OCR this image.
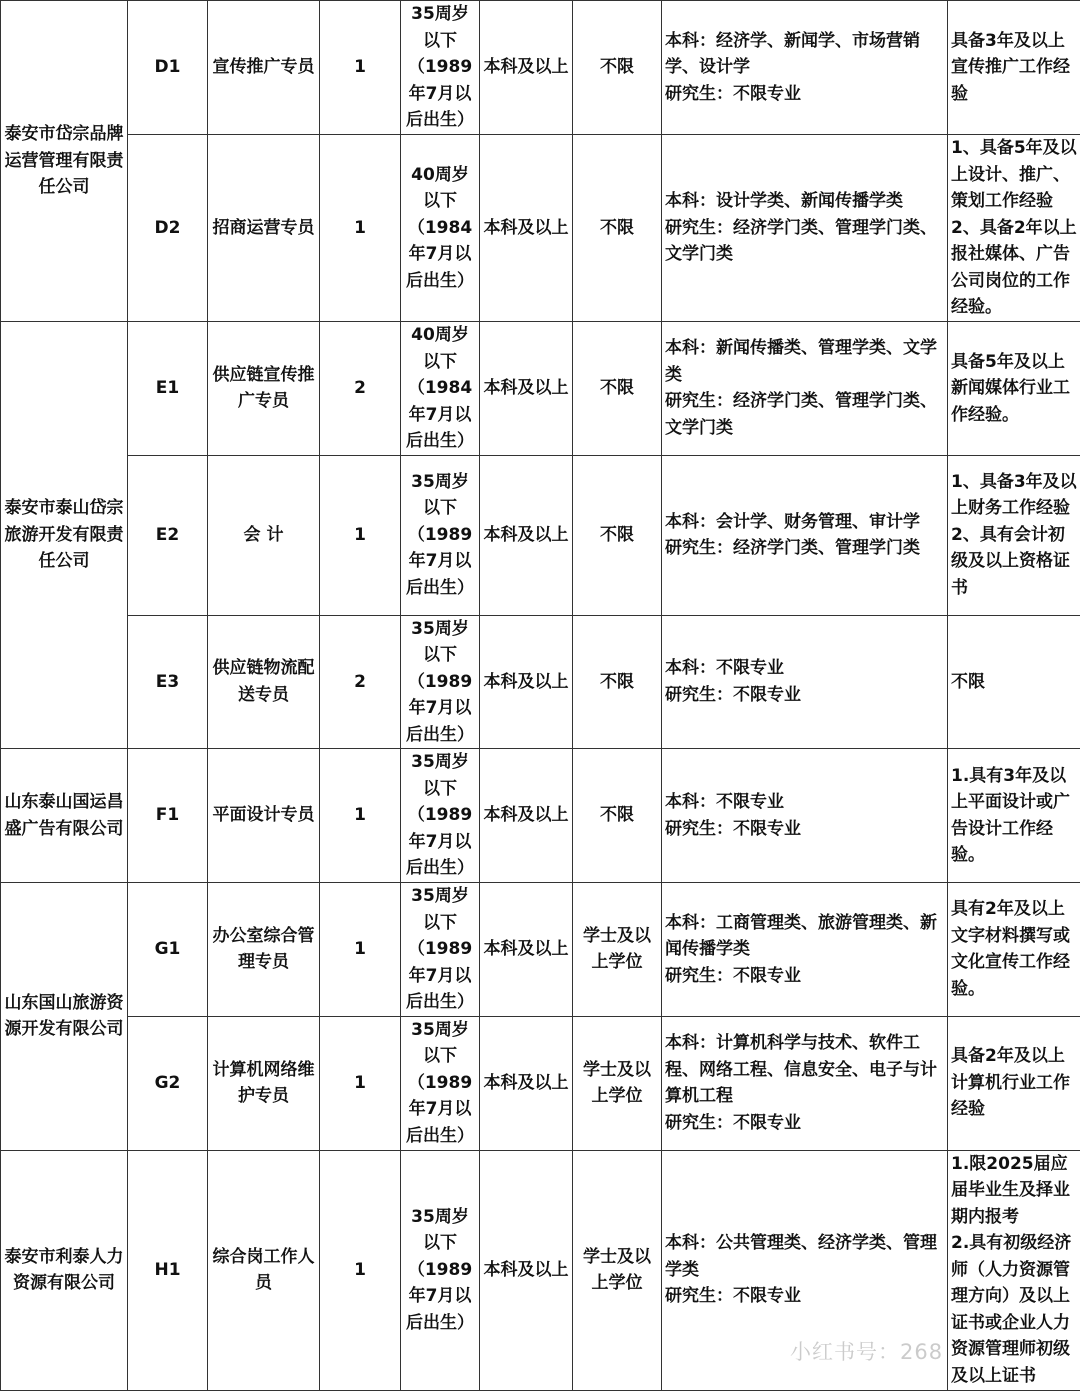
泰安市岱宗品牌运营管理有限责任公司	D1	宣传推广专员	1	35周岁以下（1989年7月以后出生）	本科及以上	不限	本科：经济学、新闻学、市场营销学、设计学
研究生：不限专业	具备3年及以上宣传推广工作经验
	D2	招商运营专员	1	40周岁以下（1984年7月以后出生）	本科及以上	不限	本科：设计学类、新闻传播学类
研究生：经济学门类、管理学门类、文学门类	1、具备5年及以上设计、推广、策划工作经验
2、具备2年以上报社媒体、广告公司岗位的工作经验。
泰安市泰山岱宗旅游开发有限责任公司	E1	供应链宣传推广专员	2	40周岁以下（1984年7月以后出生）	本科及以上	不限	本科：新闻传播类、管理学类、文学类
研究生：经济学门类、管理学门类、文学门类	具备5年及以上新闻媒体行业工作经验。
	E2	会 计	1	35周岁以下（1989年7月以后出生）	本科及以上	不限	本科：会计学、财务管理、审计学
研究生：经济学门类、管理学门类	1、具备3年及以上财务工作经验
2、具有会计初级及以上资格证书
	E3	供应链物流配送专员	2	35周岁以下（1989年7月以后出生）	本科及以上	不限	本科：不限专业
研究生：不限专业	不限
山东泰山国运昌盛广告有限公司	F1	平面设计专员	1	35周岁以下（1989年7月以后出生）	本科及以上	不限	本科：不限专业
研究生：不限专业	1.具有3年及以上平面设计或广告设计工作经验。
山东国山旅游资源开发有限公司	G1	办公室综合管理专员	1	35周岁以下（1989年7月以后出生）	本科及以上	学士及以上学位	本科：工商管理类、旅游管理类、新闻传播学类
研究生：不限专业	具有2年及以上文字材料撰写或文化宣传工作经验。
	G2	计算机网络维护专员	1	35周岁以下（1989年7月以后出生）	本科及以上	学士及以上学位	本科：计算机科学与技术、软件工程、网络工程、信息安全、电子与计算机工程
研究生：不限专业	具备2年及以上计算机行业工作经验
泰安市利泰人力资源有限公司	H1	综合岗工作人员	1	35周岁以下（1989年7月以后出生）	本科及以上	学士及以上学位	本科：公共管理类、经济学类、管理学类
研究生：不限专业	1.限2025届应届毕业生及择业期内报考
2.具有初级经济师（人力资源管理方向）及以上证书或企业人力资源管理师初级及以上证书
小红书号：268
